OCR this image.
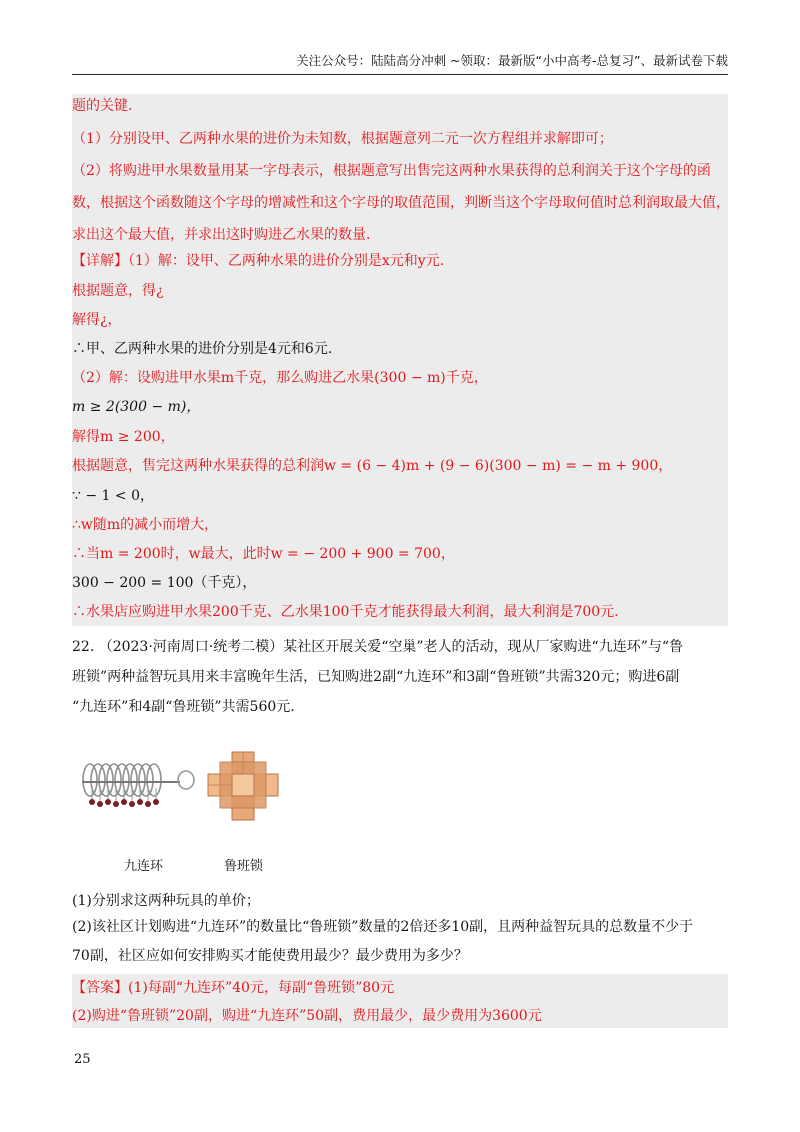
关注公众号：陆陆高分冲刺 ~领取：最新版“小中高考-总复习”、最新试卷下载
题的关键.
（1）分别设甲、乙两种水果的进价为未知数，根据题意列二元一次方程组并求解即可；
（2）将购进甲水果数量用某一字母表示，根据题意写出售完这两种水果获得的总利润关于这个字母的函
数，根据这个函数随这个字母的增减性和这个字母的取值范围，判断当这个字母取何值时总利润取最大值，
求出这个最大值，并求出这时购进乙水果的数量.
【详解】（1）解：设甲、乙两种水果的进价分别是x元和y元.
根据题意，得¿
解得¿，
∴甲、乙两种水果的进价分别是4元和6元.
（2）解：设购进甲水果m千克，那么购进乙水果(300 − m)千克，
m ≥ 2(300 − m)，
解得m ≥ 200，
根据题意，售完这两种水果获得的总利润w = (6 − 4)m + (9 − 6)(300 − m) = − m + 900，
∵ − 1 < 0，
∴w随m的减小而增大，
∴当m = 200时，w最大，此时w = − 200 + 900 = 700，
300 − 200 = 100（千克），
∴水果店应购进甲水果200千克、乙水果100千克才能获得最大利润，最大利润是700元.
22. （2023·河南周口·统考二模）某社区开展关爱“空巢”老人的活动，现从厂家购进“九连环”与“鲁
班锁”两种益智玩具用来丰富晚年生活，已知购进2副“九连环”和3副“鲁班锁”共需320元；购进6副
“九连环”和4副“鲁班锁”共需560元.
九连环	鲁班锁
(1)分别求这两种玩具的单价；
(2)该社区计划购进“九连环”的数量比“鲁班锁”数量的2倍还多10副，且两种益智玩具的总数量不少于
70副，社区应如何安排购买才能使费用最少？最少费用为多少？
【答案】(1)每副“九连环”40元，每副“鲁班锁”80元
(2)购进“鲁班锁”20副，购进“九连环”50副，费用最少，最少费用为3600元
25
